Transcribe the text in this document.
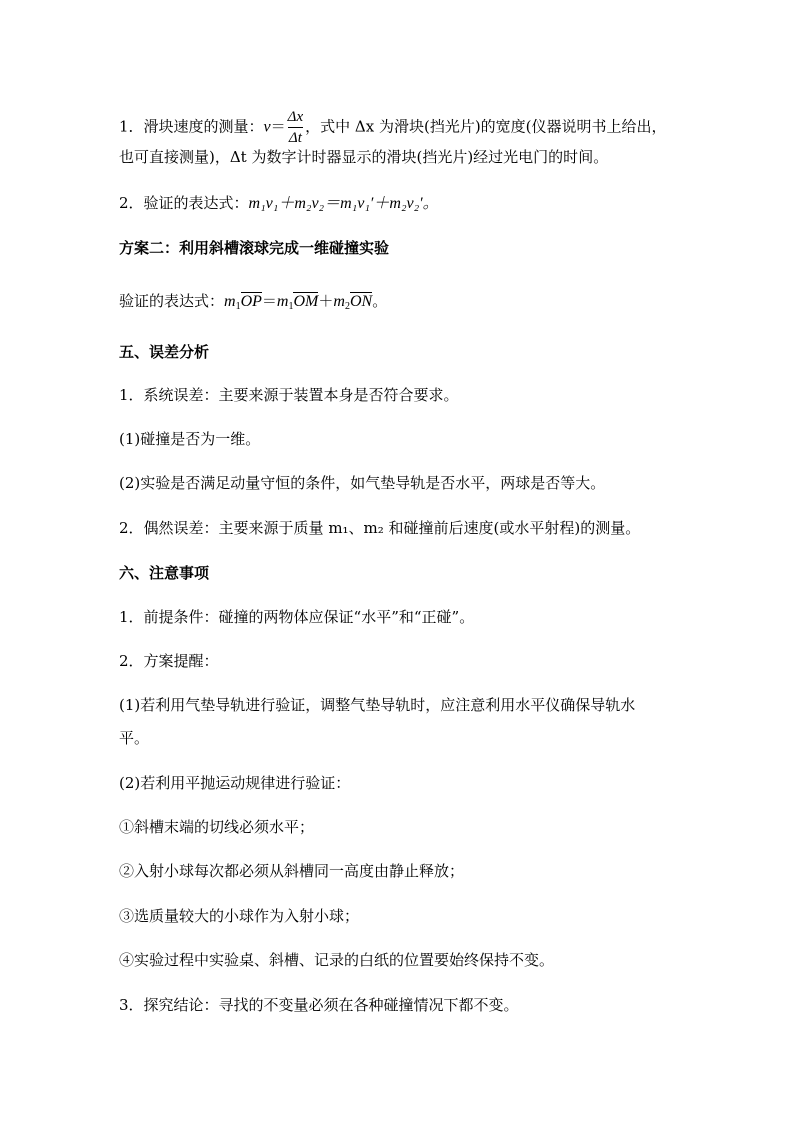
1．滑块速度的测量：$v= \frac{\Delta x}{\Delta t}$ ，式中 Δx 为滑块(挡光片)的宽度(仪器说明书上给出，
也可直接测量)，Δt 为数字计时器显示的滑块(挡光片)经过光电门的时间。
2．验证的表达式：m₁v₁＋m₂v₂＝m₁v₁′＋m₂v₂′。
方案二：利用斜槽滚球完成一维碰撞实验
验证的表达式：$m_1OP=m_1OM+m_2ON$。
五、误差分析
1．系统误差：主要来源于装置本身是否符合要求。
(1)碰撞是否为一维。
(2)实验是否满足动量守恒的条件，如气垫导轨是否水平，两球是否等大。
2．偶然误差：主要来源于质量 m₁、m₂ 和碰撞前后速度(或水平射程)的测量。
六、注意事项
1．前提条件：碰撞的两物体应保证“水平”和“正碰”。
2．方案提醒：
(1)若利用气垫导轨进行验证，调整气垫导轨时，应注意利用水平仪确保导轨水
平。
(2)若利用平抛运动规律进行验证：
①斜槽末端的切线必须水平；
②入射小球每次都必须从斜槽同一高度由静止释放；
③选质量较大的小球作为入射小球；
④实验过程中实验桌、斜槽、记录的白纸的位置要始终保持不变。
3．探究结论：寻找的不变量必须在各种碰撞情况下都不变。
